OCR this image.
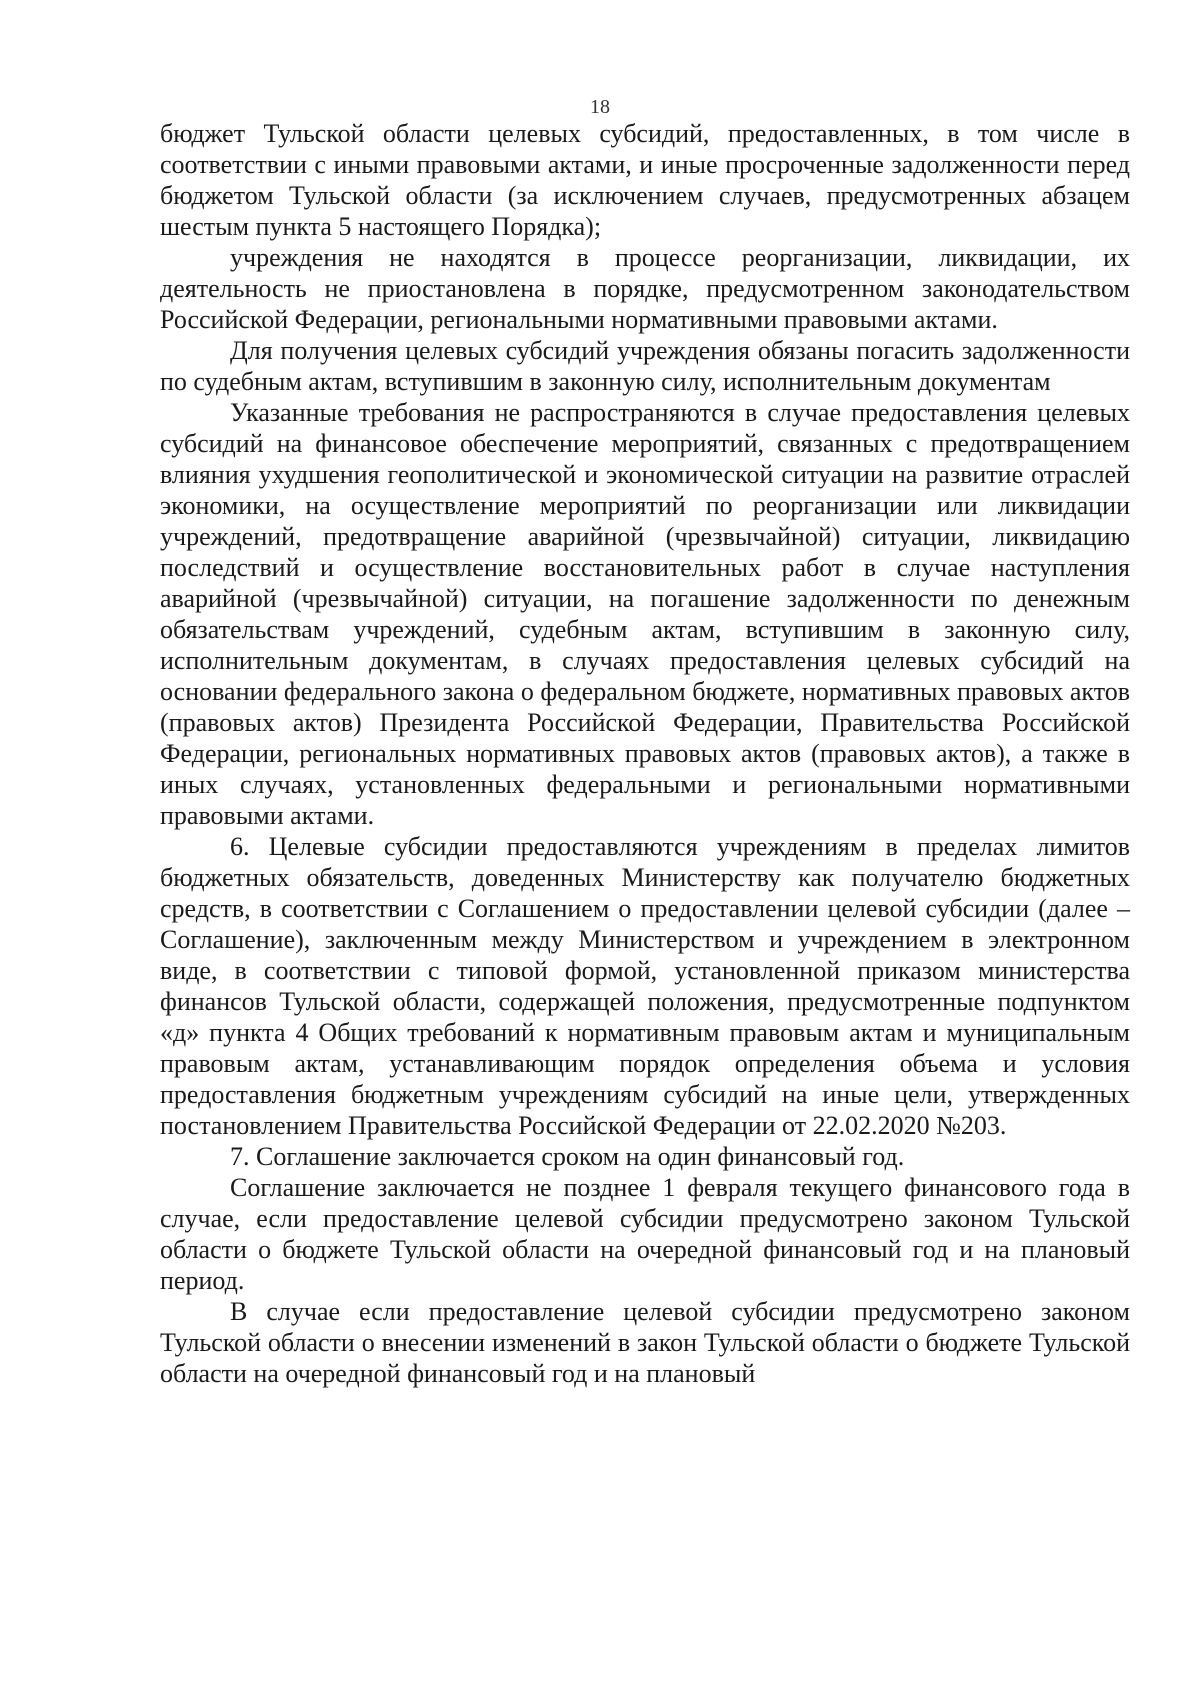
18

бюджет Тульской области целевых субсидий, предоставленных, в том числе в соответствии с иными правовыми актами, и иные просроченные задолженности перед бюджетом Тульской области (за исключением случаев, предусмотренных абзацем шестым пункта 5 настоящего Порядка);

учреждения не находятся в процессе реорганизации, ликвидации, их деятельность не приостановлена в порядке, предусмотренном законодательством Российской Федерации, региональными нормативными правовыми актами.

Для получения целевых субсидий учреждения обязаны погасить задолженности по судебным актам, вступившим в законную силу, исполнительным документам

Указанные требования не распространяются в случае предоставления целевых субсидий на финансовое обеспечение мероприятий, связанных с предотвращением влияния ухудшения геополитической и экономической ситуации на развитие отраслей экономики, на осуществление мероприятий по реорганизации или ликвидации учреждений, предотвращение аварийной (чрезвычайной) ситуации, ликвидацию последствий и осуществление восстановительных работ в случае наступления аварийной (чрезвычайной) ситуации, на погашение задолженности по денежным обязательствам учреждений, судебным актам, вступившим в законную силу, исполнительным документам, в случаях предоставления целевых субсидий на основании федерального закона о федеральном бюджете, нормативных правовых актов (правовых актов) Президента Российской Федерации, Правительства Российской Федерации, региональных нормативных правовых актов (правовых актов), а также в иных случаях, установленных федеральными и региональными нормативными правовыми актами.

6. Целевые субсидии предоставляются учреждениям в пределах лимитов бюджетных обязательств, доведенных Министерству как получателю бюджетных средств, в соответствии с Соглашением о предоставлении целевой субсидии (далее – Соглашение), заключенным между Министерством и учреждением в электронном виде, в соответствии с типовой формой, установленной приказом министерства финансов Тульской области, содержащей положения, предусмотренные подпунктом «д» пункта 4 Общих требований к нормативным правовым актам и муниципальным правовым актам, устанавливающим порядок определения объема и условия предоставления бюджетным учреждениям субсидий на иные цели, утвержденных постановлением Правительства Российской Федерации от 22.02.2020 №203.

7. Соглашение заключается сроком на один финансовый год.

Соглашение заключается не позднее 1 февраля текущего финансового года в случае, если предоставление целевой субсидии предусмотрено законом Тульской области о бюджете Тульской области на очередной финансовый год и на плановый период.

В случае если предоставление целевой субсидии предусмотрено законом Тульской области о внесении изменений в закон Тульской области о бюджете Тульской области на очередной финансовый год и на плановый
